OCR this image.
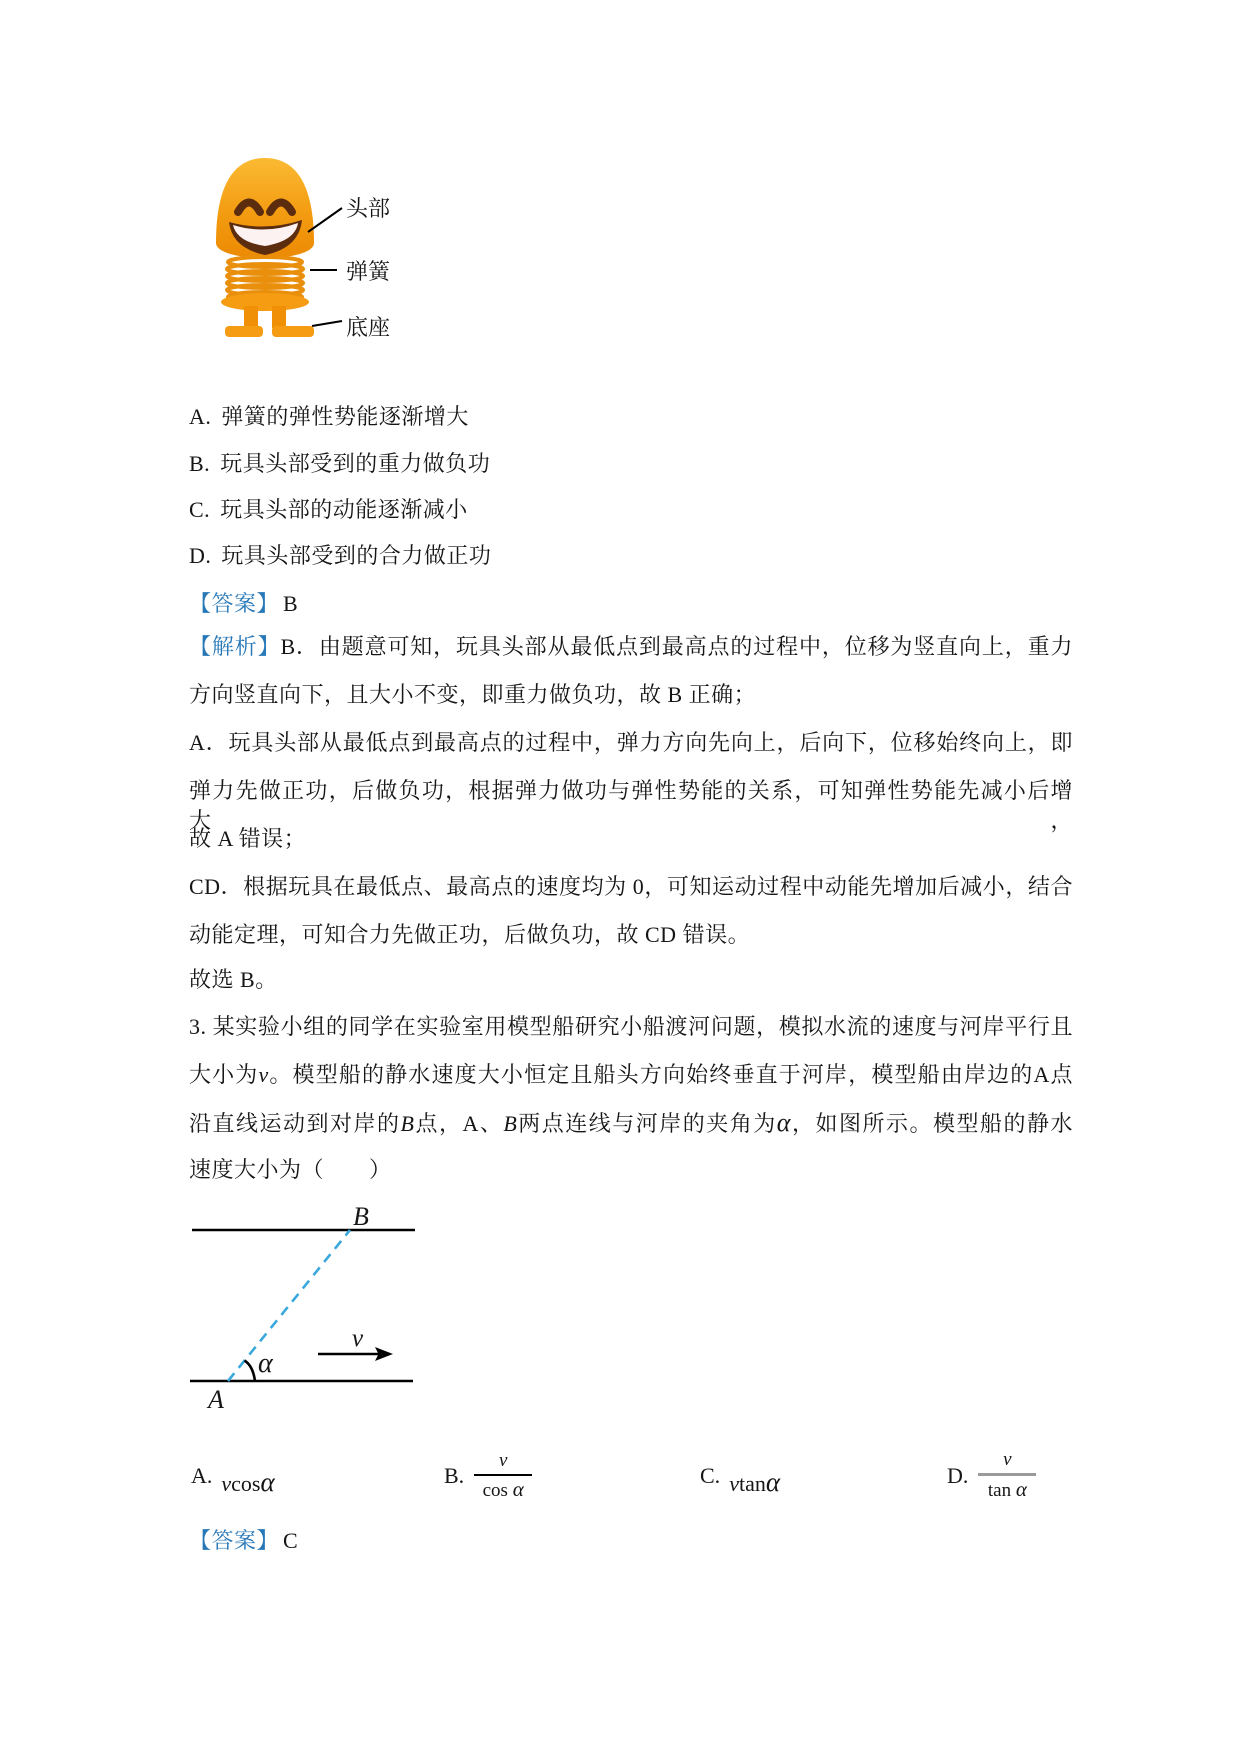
头部
弹簧
底座
A. 弹簧的弹性势能逐渐增大
B. 玩具头部受到的重力做负功
C. 玩具头部的动能逐渐减小
D. 玩具头部受到的合力做正功
【答案】 B
【解析】B．由题意可知，玩具头部从最低点到最高点的过程中，位移为竖直向上，重力
方向竖直向下，且大小不变，即重力做负功，故 B 正确；
A．玩具头部从最低点到最高点的过程中，弹力方向先向上，后向下，位移始终向上，即
弹力先做正功，后做负功，根据弹力做功与弹性势能的关系，可知弹性势能先减小后增大，
故 A 错误；
CD．根据玩具在最低点、最高点的速度均为 0，可知运动过程中动能先增加后减小，结合
动能定理，可知合力先做正功，后做负功，故 CD 错误。
故选 B。
3. 某实验小组的同学在实验室用模型船研究小船渡河问题，模拟水流的速度与河岸平行且
大小为v。模型船的静水速度大小恒定且船头方向始终垂直于河岸，模型船由岸边的A点
沿直线运动到对岸的B点，A、B两点连线与河岸的夹角为α，如图所示。模型船的静水
速度大小为（　　）
B
A
α
v
A. vcosα	B. $\frac{v}{\text{cos α}}$	C. vtanα	D. $\frac{v}{\text{tan α}}$
【答案】 C
